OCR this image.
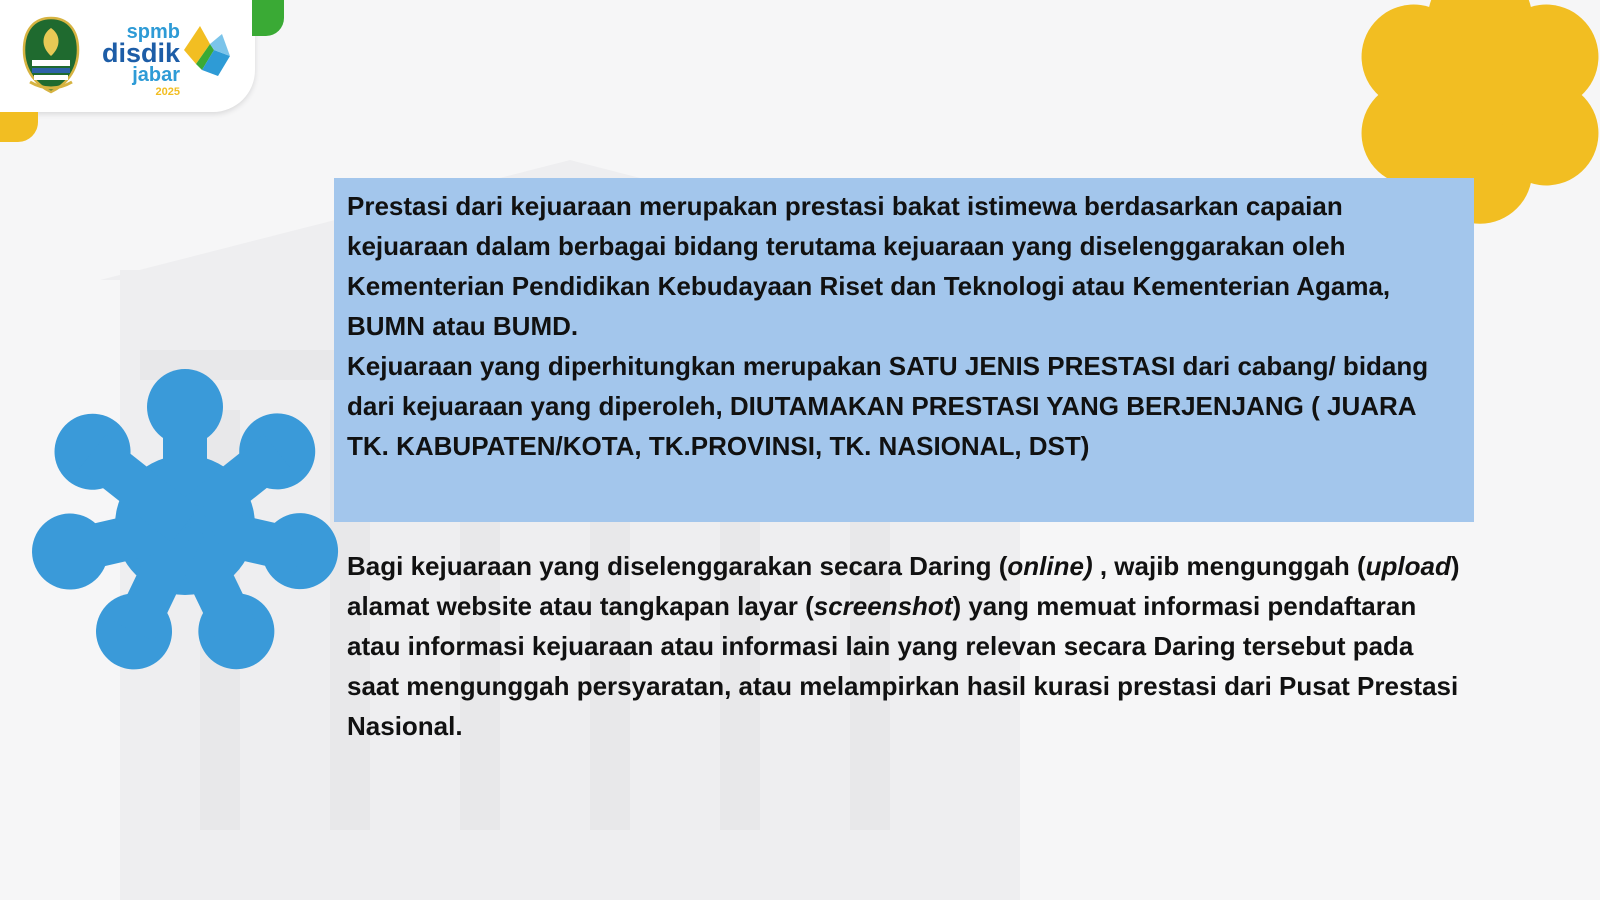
spmb
disdik
jabar
2025
Prestasi dari kejuaraan merupakan prestasi bakat istimewa berdasarkan capaian kejuaraan dalam berbagai bidang terutama kejuaraan yang diselenggarakan oleh Kementerian Pendidikan Kebudayaan Riset dan Teknologi atau Kementerian Agama, BUMN atau BUMD.
Kejuaraan yang diperhitungkan merupakan SATU JENIS PRESTASI dari cabang/ bidang dari kejuaraan yang diperoleh, DIUTAMAKAN PRESTASI YANG BERJENJANG ( JUARA TK. KABUPATEN/KOTA, TK.PROVINSI, TK. NASIONAL, DST)
Bagi kejuaraan yang diselenggarakan secara Daring (online) , wajib mengunggah (upload) alamat website atau tangkapan layar (screenshot) yang memuat informasi pendaftaran atau informasi kejuaraan atau informasi lain yang relevan secara Daring tersebut pada saat mengunggah persyaratan, atau melampirkan hasil kurasi prestasi dari Pusat Prestasi Nasional.
